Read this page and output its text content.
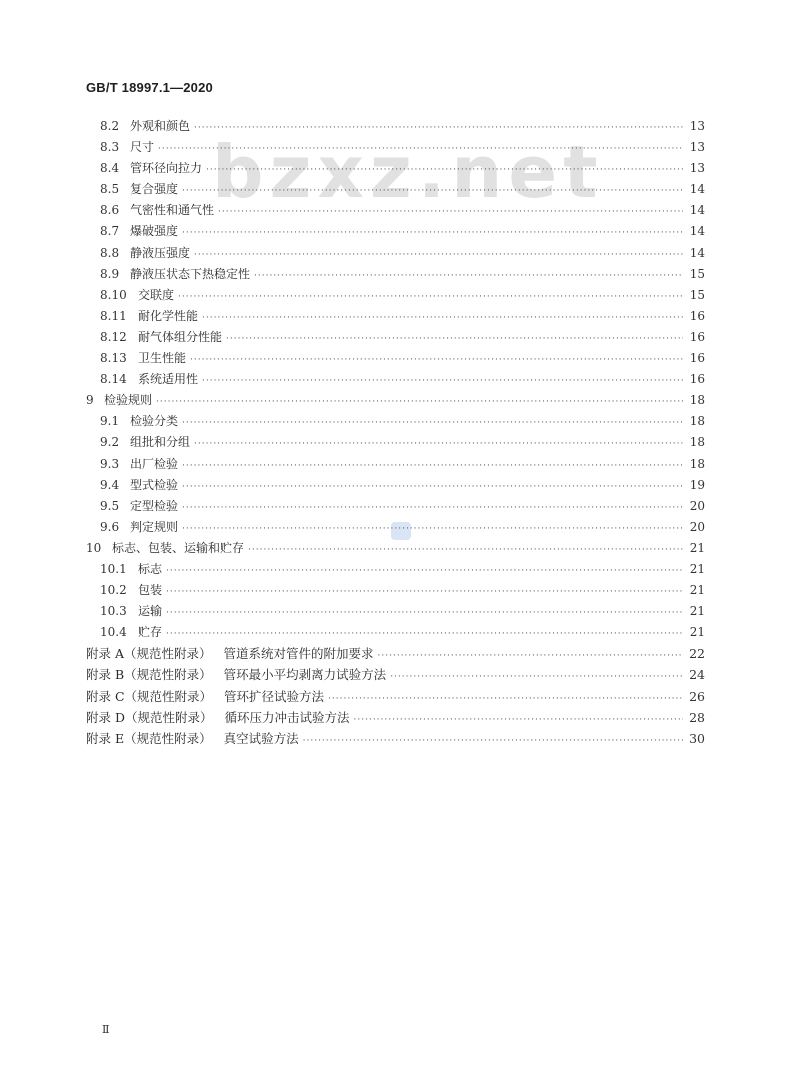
GB/T 18997.1—2020
bzxz.net
8.2 外观和颜色 ·····	13
8.3 尺寸 ·····	13
8.4 管环径向拉力 ·····	13
8.5 复合强度 ·····	14
8.6 气密性和通气性 ·····	14
8.7 爆破强度 ·····	14
8.8 静液压强度 ·····	14
8.9 静液压状态下热稳定性 ·····	15
8.10 交联度 ·····	15
8.11 耐化学性能 ·····	16
8.12 耐气体组分性能 ·····	16
8.13 卫生性能 ·····	16
8.14 系统适用性 ·····	16
9 检验规则 ·····	18
9.1 检验分类 ·····	18
9.2 组批和分组 ·····	18
9.3 出厂检验 ·····	18
9.4 型式检验 ·····	19
9.5 定型检验 ·····	20
9.6 判定规则 ·····	20
10 标志、包装、运输和贮存 ·····	21
10.1 标志 ·····	21
10.2 包装 ·····	21
10.3 运输 ·····	21
10.4 贮存 ·····	21
附录 A（规范性附录） 管道系统对管件的附加要求 ·····	22
附录 B（规范性附录） 管环最小平均剥离力试验方法 ·····	24
附录 C（规范性附录） 管环扩径试验方法 ·····	26
附录 D（规范性附录） 循环压力冲击试验方法 ·····	28
附录 E（规范性附录） 真空试验方法 ·····	30
Ⅱ
